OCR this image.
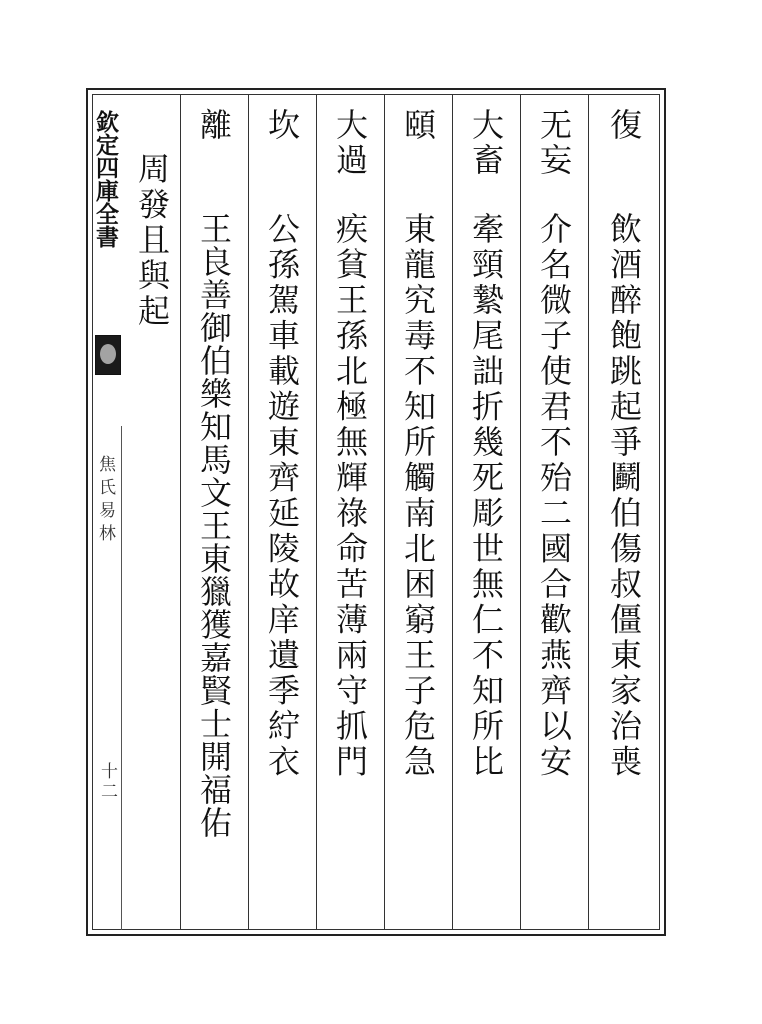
欽定四庫全書
焦氏易林
十二
復
飲酒醉飽跳起爭鬬伯傷叔僵東家治喪
无妄
介名微子使君不殆二國合歡燕齊以安
大畜
牽頸縶尾詘折幾死彫世無仁不知所比
頤
東龍究毒不知所觸南北困窮王子危急
大過
疾貧王孫北極無輝祿命苦薄兩守抓門
坎
公孫駕車載遊東齊延陵故庠遺季紵衣
離
王良善御伯樂知馬文王東獵獲嘉賢士開福佑
周發且與起
